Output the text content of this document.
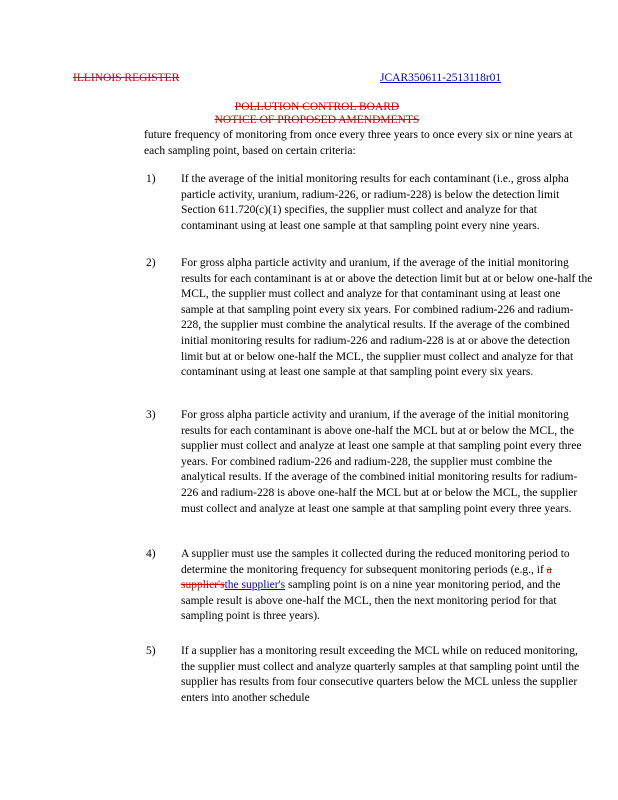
ILLINOIS REGISTER	JCAR350611-2513118r01
POLLUTION CONTROL BOARD
NOTICE OF PROPOSED AMENDMENTS

future frequency of monitoring from once every three years to once every six or nine years at each sampling point, based on certain criteria:

1) If the average of the initial monitoring results for each contaminant (i.e., gross alpha particle activity, uranium, radium-226, or radium-228) is below the detection limit Section 611.720(c)(1) specifies, the supplier must collect and analyze for that contaminant using at least one sample at that sampling point every nine years.

2) For gross alpha particle activity and uranium, if the average of the initial monitoring results for each contaminant is at or above the detection limit but at or below one-half the MCL, the supplier must collect and analyze for that contaminant using at least one sample at that sampling point every six years. For combined radium-226 and radium-228, the supplier must combine the analytical results. If the average of the combined initial monitoring results for radium-226 and radium-228 is at or above the detection limit but at or below one-half the MCL, the supplier must collect and analyze for that contaminant using at least one sample at that sampling point every six years.

3) For gross alpha particle activity and uranium, if the average of the initial monitoring results for each contaminant is above one-half the MCL but at or below the MCL, the supplier must collect and analyze at least one sample at that sampling point every three years. For combined radium-226 and radium-228, the supplier must combine the analytical results. If the average of the combined initial monitoring results for radium-226 and radium-228 is above one-half the MCL but at or below the MCL, the supplier must collect and analyze at least one sample at that sampling point every three years.

4) A supplier must use the samples it collected during the reduced monitoring period to determine the monitoring frequency for subsequent monitoring periods (e.g., if a supplier'sthe supplier's sampling point is on a nine year monitoring period, and the sample result is above one-half the MCL, then the next monitoring period for that sampling point is three years).

5) If a supplier has a monitoring result exceeding the MCL while on reduced monitoring, the supplier must collect and analyze quarterly samples at that sampling point until the supplier has results from four consecutive quarters below the MCL unless the supplier enters into another schedule
